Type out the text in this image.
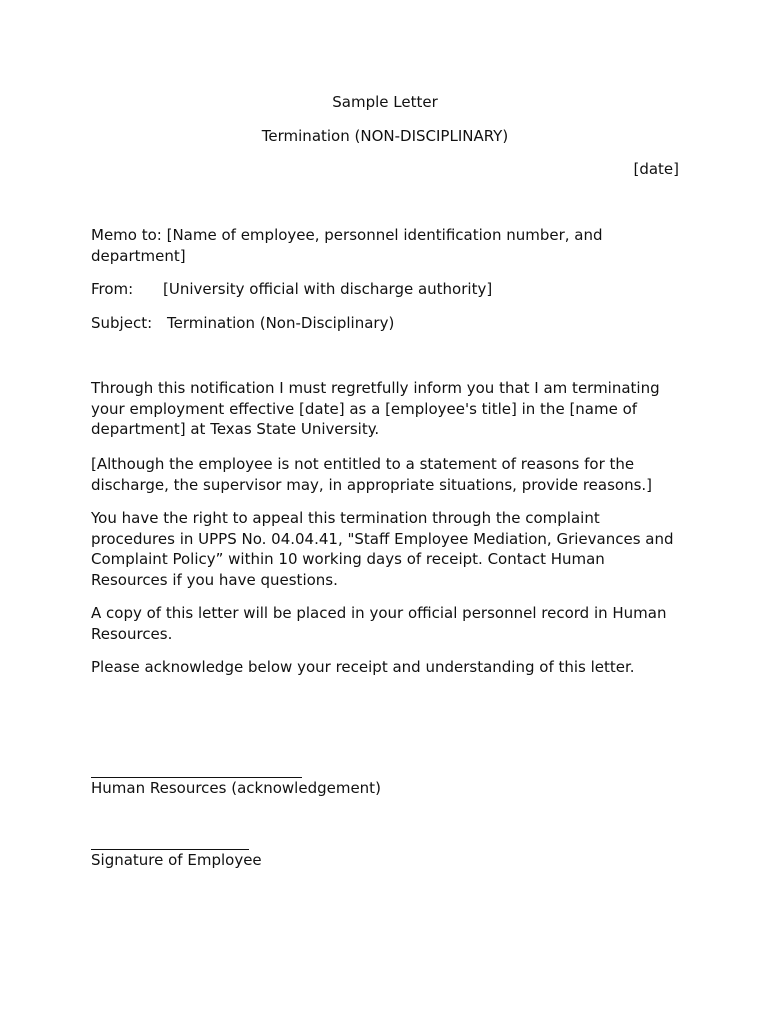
Sample Letter
Termination (NON-DISCIPLINARY)
[date]
Memo to: [Name of employee, personnel identification number, and
department]
From: [University official with discharge authority]
Subject: Termination (Non-Disciplinary)
Through this notification I must regretfully inform you that I am terminating
your employment effective [date] as a [employee's title] in the [name of
department] at Texas State University.
[Although the employee is not entitled to a statement of reasons for the
discharge, the supervisor may, in appropriate situations, provide reasons.]
You have the right to appeal this termination through the complaint
procedures in UPPS No. 04.04.41, "Staff Employee Mediation, Grievances and
Complaint Policy” within 10 working days of receipt. Contact Human
Resources if you have questions.
A copy of this letter will be placed in your official personnel record in Human
Resources.
Please acknowledge below your receipt and understanding of this letter.
Human Resources (acknowledgement)
Signature of Employee
